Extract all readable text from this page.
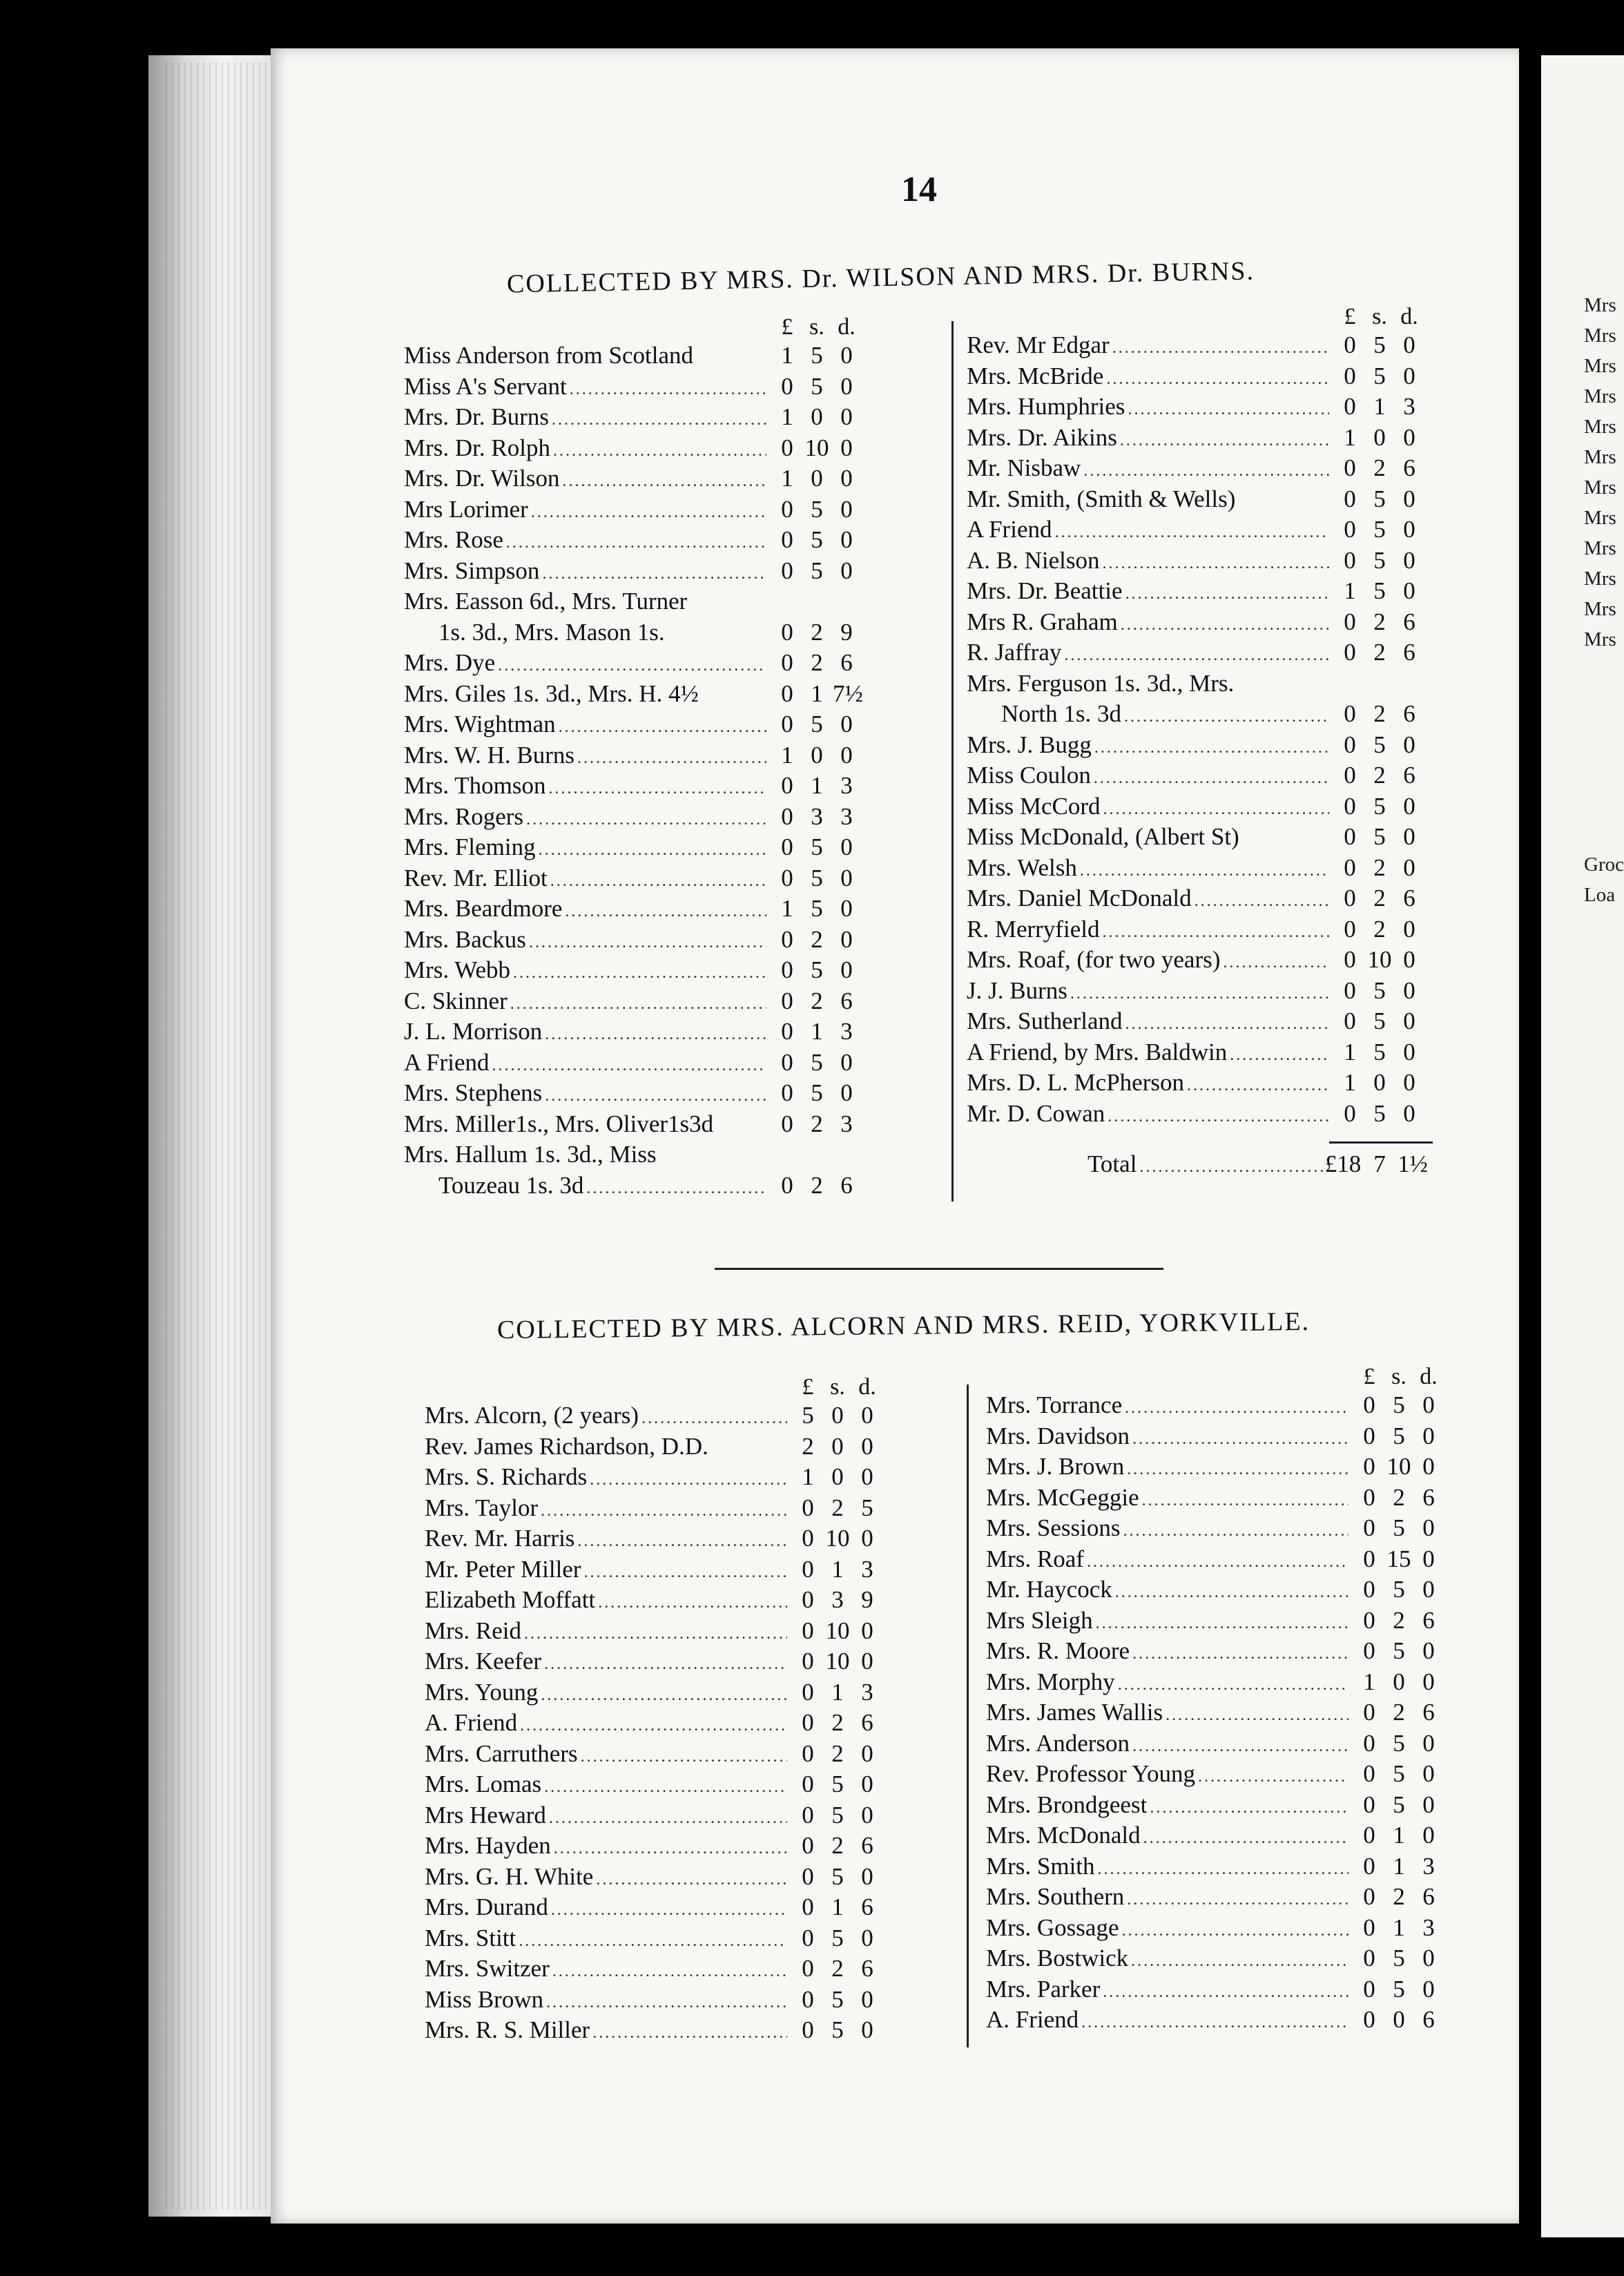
Mrs
Mrs
Mrs
Mrs
Mrs
Mrs
Mrs
Mrs
Mrs
Mrs
Mrs
Mrs
Groc
Loa
14
COLLECTED BY MRS. Dr. WILSON AND MRS. Dr. BURNS.
£ s. d.
Miss Anderson from Scotland	1 5 0
Miss A's Servant .....	0 5 0
Mrs. Dr. Burns .....	1 0 0
Mrs. Dr. Rolph .....	0 10 0
Mrs. Dr. Wilson .....	1 0 0
Mrs Lorimer .....	0 5 0
Mrs. Rose .....	0 5 0
Mrs. Simpson .....	0 5 0
Mrs. Easson 6d., Mrs. Turner
1s. 3d., Mrs. Mason 1s.	0 2 9
Mrs. Dye .....	0 2 6
Mrs. Giles 1s. 3d., Mrs. H. 4½	0 1 7½
Mrs. Wightman .....	0 5 0
Mrs. W. H. Burns .....	1 0 0
Mrs. Thomson .....	0 1 3
Mrs. Rogers .....	0 3 3
Mrs. Fleming .....	0 5 0
Rev. Mr. Elliot .....	0 5 0
Mrs. Beardmore .....	1 5 0
Mrs. Backus .....	0 2 0
Mrs. Webb .....	0 5 0
C. Skinner .....	0 2 6
J. L. Morrison .....	0 1 3
A Friend .....	0 5 0
Mrs. Stephens .....	0 5 0
Mrs. Miller1s., Mrs. Oliver1s3d	0 2 3
Mrs. Hallum 1s. 3d., Miss
Touzeau 1s. 3d .....	0 2 6
£ s. d.
Rev. Mr Edgar .....	0 5 0
Mrs. McBride .....	0 5 0
Mrs. Humphries .....	0 1 3
Mrs. Dr. Aikins .....	1 0 0
Mr. Nisbaw .....	0 2 6
Mr. Smith, (Smith & Wells)	0 5 0
A Friend .....	0 5 0
A. B. Nielson .....	0 5 0
Mrs. Dr. Beattie .....	1 5 0
Mrs R. Graham .....	0 2 6
R. Jaffray .....	0 2 6
Mrs. Ferguson 1s. 3d., Mrs.
North 1s. 3d .....	0 2 6
Mrs. J. Bugg .....	0 5 0
Miss Coulon .....	0 2 6
Miss McCord .....	0 5 0
Miss McDonald, (Albert St)	0 5 0
Mrs. Welsh .....	0 2 0
Mrs. Daniel McDonald .....	0 2 6
R. Merryfield .....	0 2 0
Mrs. Roaf, (for two years) .....	0 10 0
J. J. Burns .....	0 5 0
Mrs. Sutherland .....	0 5 0
A Friend, by Mrs. Baldwin .....	1 5 0
Mrs. D. L. McPherson .....	1 0 0
Mr. D. Cowan .....	0 5 0
Total .....	£18 7 1½
COLLECTED BY MRS. ALCORN AND MRS. REID, YORKVILLE.
£ s. d.
Mrs. Alcorn, (2 years) .....	5 0 0
Rev. James Richardson, D.D.	2 0 0
Mrs. S. Richards .....	1 0 0
Mrs. Taylor .....	0 2 5
Rev. Mr. Harris .....	0 10 0
Mr. Peter Miller .....	0 1 3
Elizabeth Moffatt .....	0 3 9
Mrs. Reid .....	0 10 0
Mrs. Keefer .....	0 10 0
Mrs. Young .....	0 1 3
A. Friend .....	0 2 6
Mrs. Carruthers .....	0 2 0
Mrs. Lomas .....	0 5 0
Mrs Heward .....	0 5 0
Mrs. Hayden .....	0 2 6
Mrs. G. H. White .....	0 5 0
Mrs. Durand .....	0 1 6
Mrs. Stitt .....	0 5 0
Mrs. Switzer .....	0 2 6
Miss Brown .....	0 5 0
Mrs. R. S. Miller .....	0 5 0
£ s. d.
Mrs. Torrance .....	0 5 0
Mrs. Davidson .....	0 5 0
Mrs. J. Brown .....	0 10 0
Mrs. McGeggie .....	0 2 6
Mrs. Sessions .....	0 5 0
Mrs. Roaf .....	0 15 0
Mr. Haycock .....	0 5 0
Mrs Sleigh .....	0 2 6
Mrs. R. Moore .....	0 5 0
Mrs. Morphy .....	1 0 0
Mrs. James Wallis .....	0 2 6
Mrs. Anderson .....	0 5 0
Rev. Professor Young .....	0 5 0
Mrs. Brondgeest .....	0 5 0
Mrs. McDonald .....	0 1 0
Mrs. Smith .....	0 1 3
Mrs. Southern .....	0 2 6
Mrs. Gossage .....	0 1 3
Mrs. Bostwick .....	0 5 0
Mrs. Parker .....	0 5 0
A. Friend .....	0 0 6
